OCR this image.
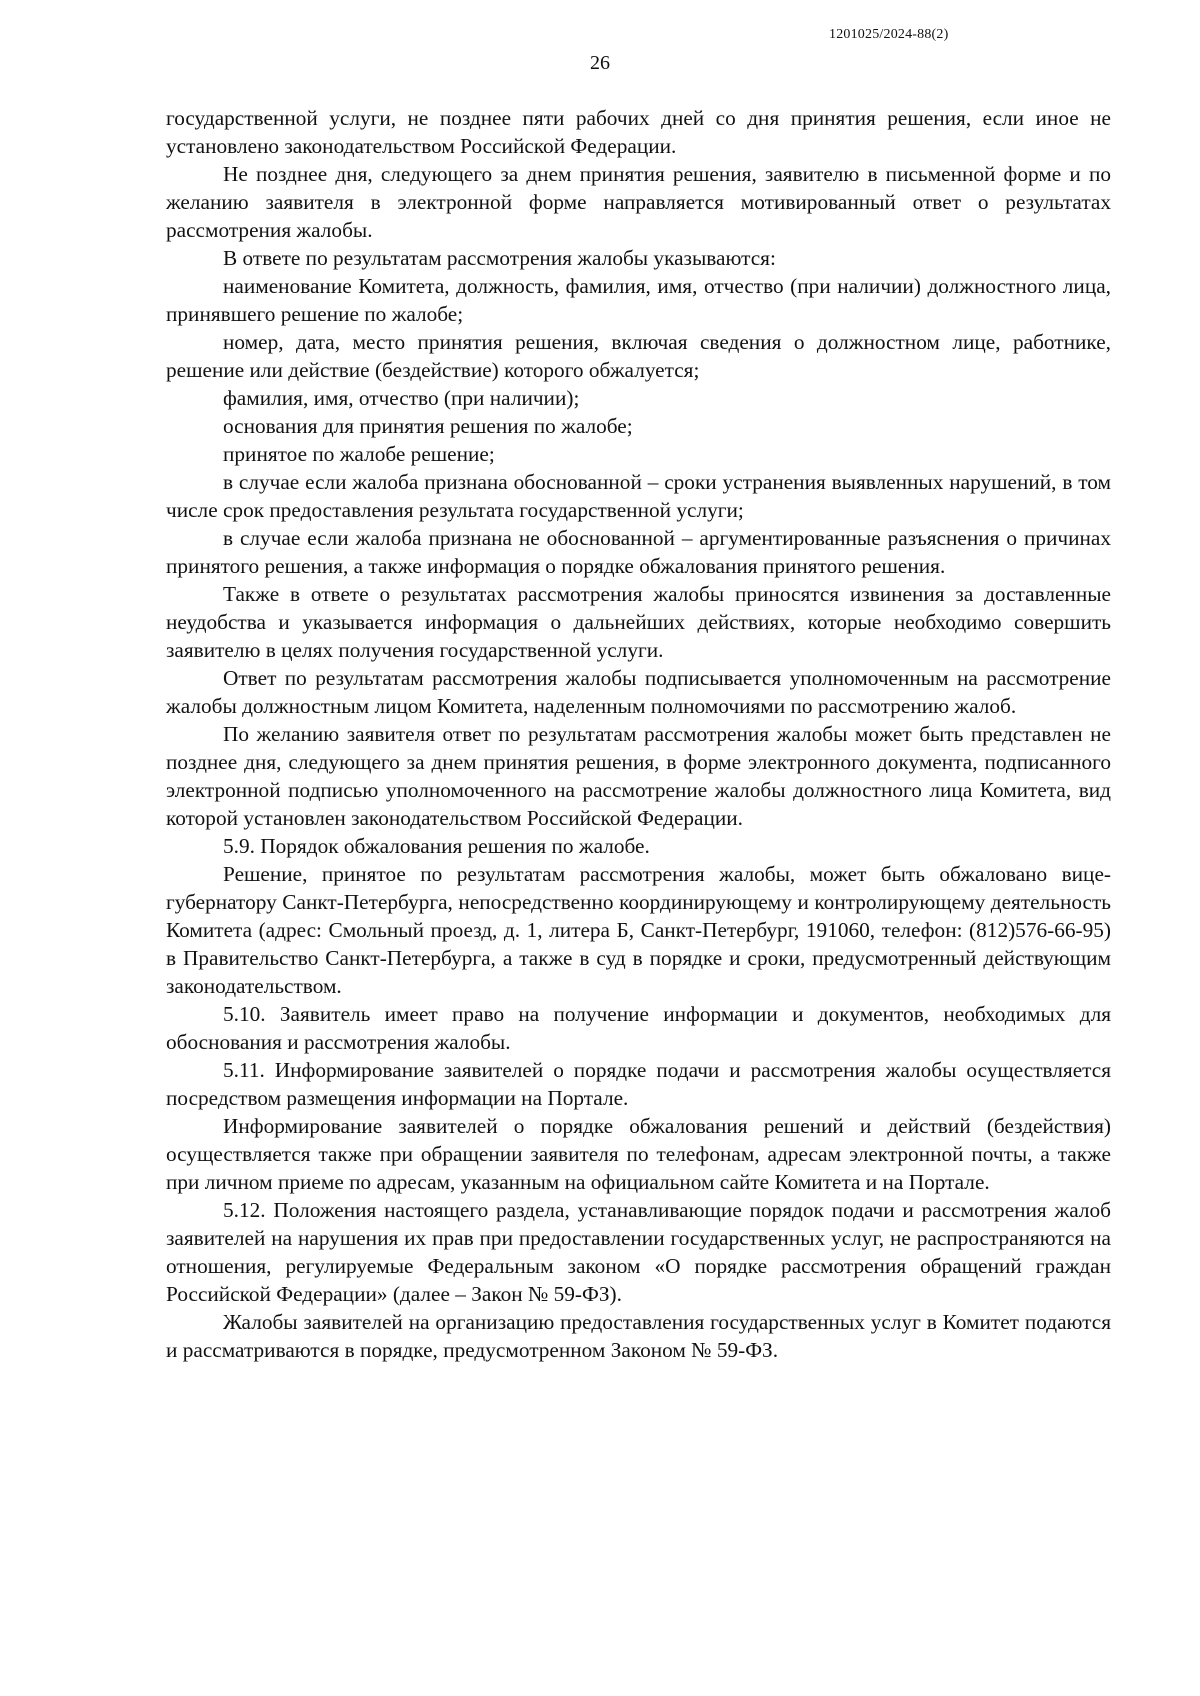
1201025/2024-88(2)
26

государственной услуги, не позднее пяти рабочих дней со дня принятия решения, если иное не установлено законодательством Российской Федерации.

Не позднее дня, следующего за днем принятия решения, заявителю в письменной форме и по желанию заявителя в электронной форме направляется мотивированный ответ о результатах рассмотрения жалобы.

В ответе по результатам рассмотрения жалобы указываются:

наименование Комитета, должность, фамилия, имя, отчество (при наличии) должностного лица, принявшего решение по жалобе;

номер, дата, место принятия решения, включая сведения о должностном лице, работнике, решение или действие (бездействие) которого обжалуется;

фамилия, имя, отчество (при наличии);

основания для принятия решения по жалобе;

принятое по жалобе решение;

в случае если жалоба признана обоснованной – сроки устранения выявленных нарушений, в том числе срок предоставления результата государственной услуги;

в случае если жалоба признана не обоснованной – аргументированные разъяснения о причинах принятого решения, а также информация о порядке обжалования принятого решения.

Также в ответе о результатах рассмотрения жалобы приносятся извинения за доставленные неудобства и указывается информация о дальнейших действиях, которые необходимо совершить заявителю в целях получения государственной услуги.

Ответ по результатам рассмотрения жалобы подписывается уполномоченным на рассмотрение жалобы должностным лицом Комитета, наделенным полномочиями по рассмотрению жалоб.

По желанию заявителя ответ по результатам рассмотрения жалобы может быть представлен не позднее дня, следующего за днем принятия решения, в форме электронного документа, подписанного электронной подписью уполномоченного на рассмотрение жалобы должностного лица Комитета, вид которой установлен законодательством Российской Федерации.

5.9. Порядок обжалования решения по жалобе.

Решение, принятое по результатам рассмотрения жалобы, может быть обжаловано вице-губернатору Санкт-Петербурга, непосредственно координирующему и контролирующему деятельность Комитета (адрес: Смольный проезд, д. 1, литера Б, Санкт-Петербург, 191060, телефон: (812)576-66-95) в Правительство Санкт-Петербурга, а также в суд в порядке и сроки, предусмотренный действующим законодательством.

5.10. Заявитель имеет право на получение информации и документов, необходимых для обоснования и рассмотрения жалобы.

5.11. Информирование заявителей о порядке подачи и рассмотрения жалобы осуществляется посредством размещения информации на Портале.

Информирование заявителей о порядке обжалования решений и действий (бездействия) осуществляется также при обращении заявителя по телефонам, адресам электронной почты, а также при личном приеме по адресам, указанным на официальном сайте Комитета и на Портале.

5.12. Положения настоящего раздела, устанавливающие порядок подачи и рассмотрения жалоб заявителей на нарушения их прав при предоставлении государственных услуг, не распространяются на отношения, регулируемые Федеральным законом «О порядке рассмотрения обращений граждан Российской Федерации» (далее – Закон № 59-ФЗ).

Жалобы заявителей на организацию предоставления государственных услуг в Комитет подаются и рассматриваются в порядке, предусмотренном Законом № 59-ФЗ.
